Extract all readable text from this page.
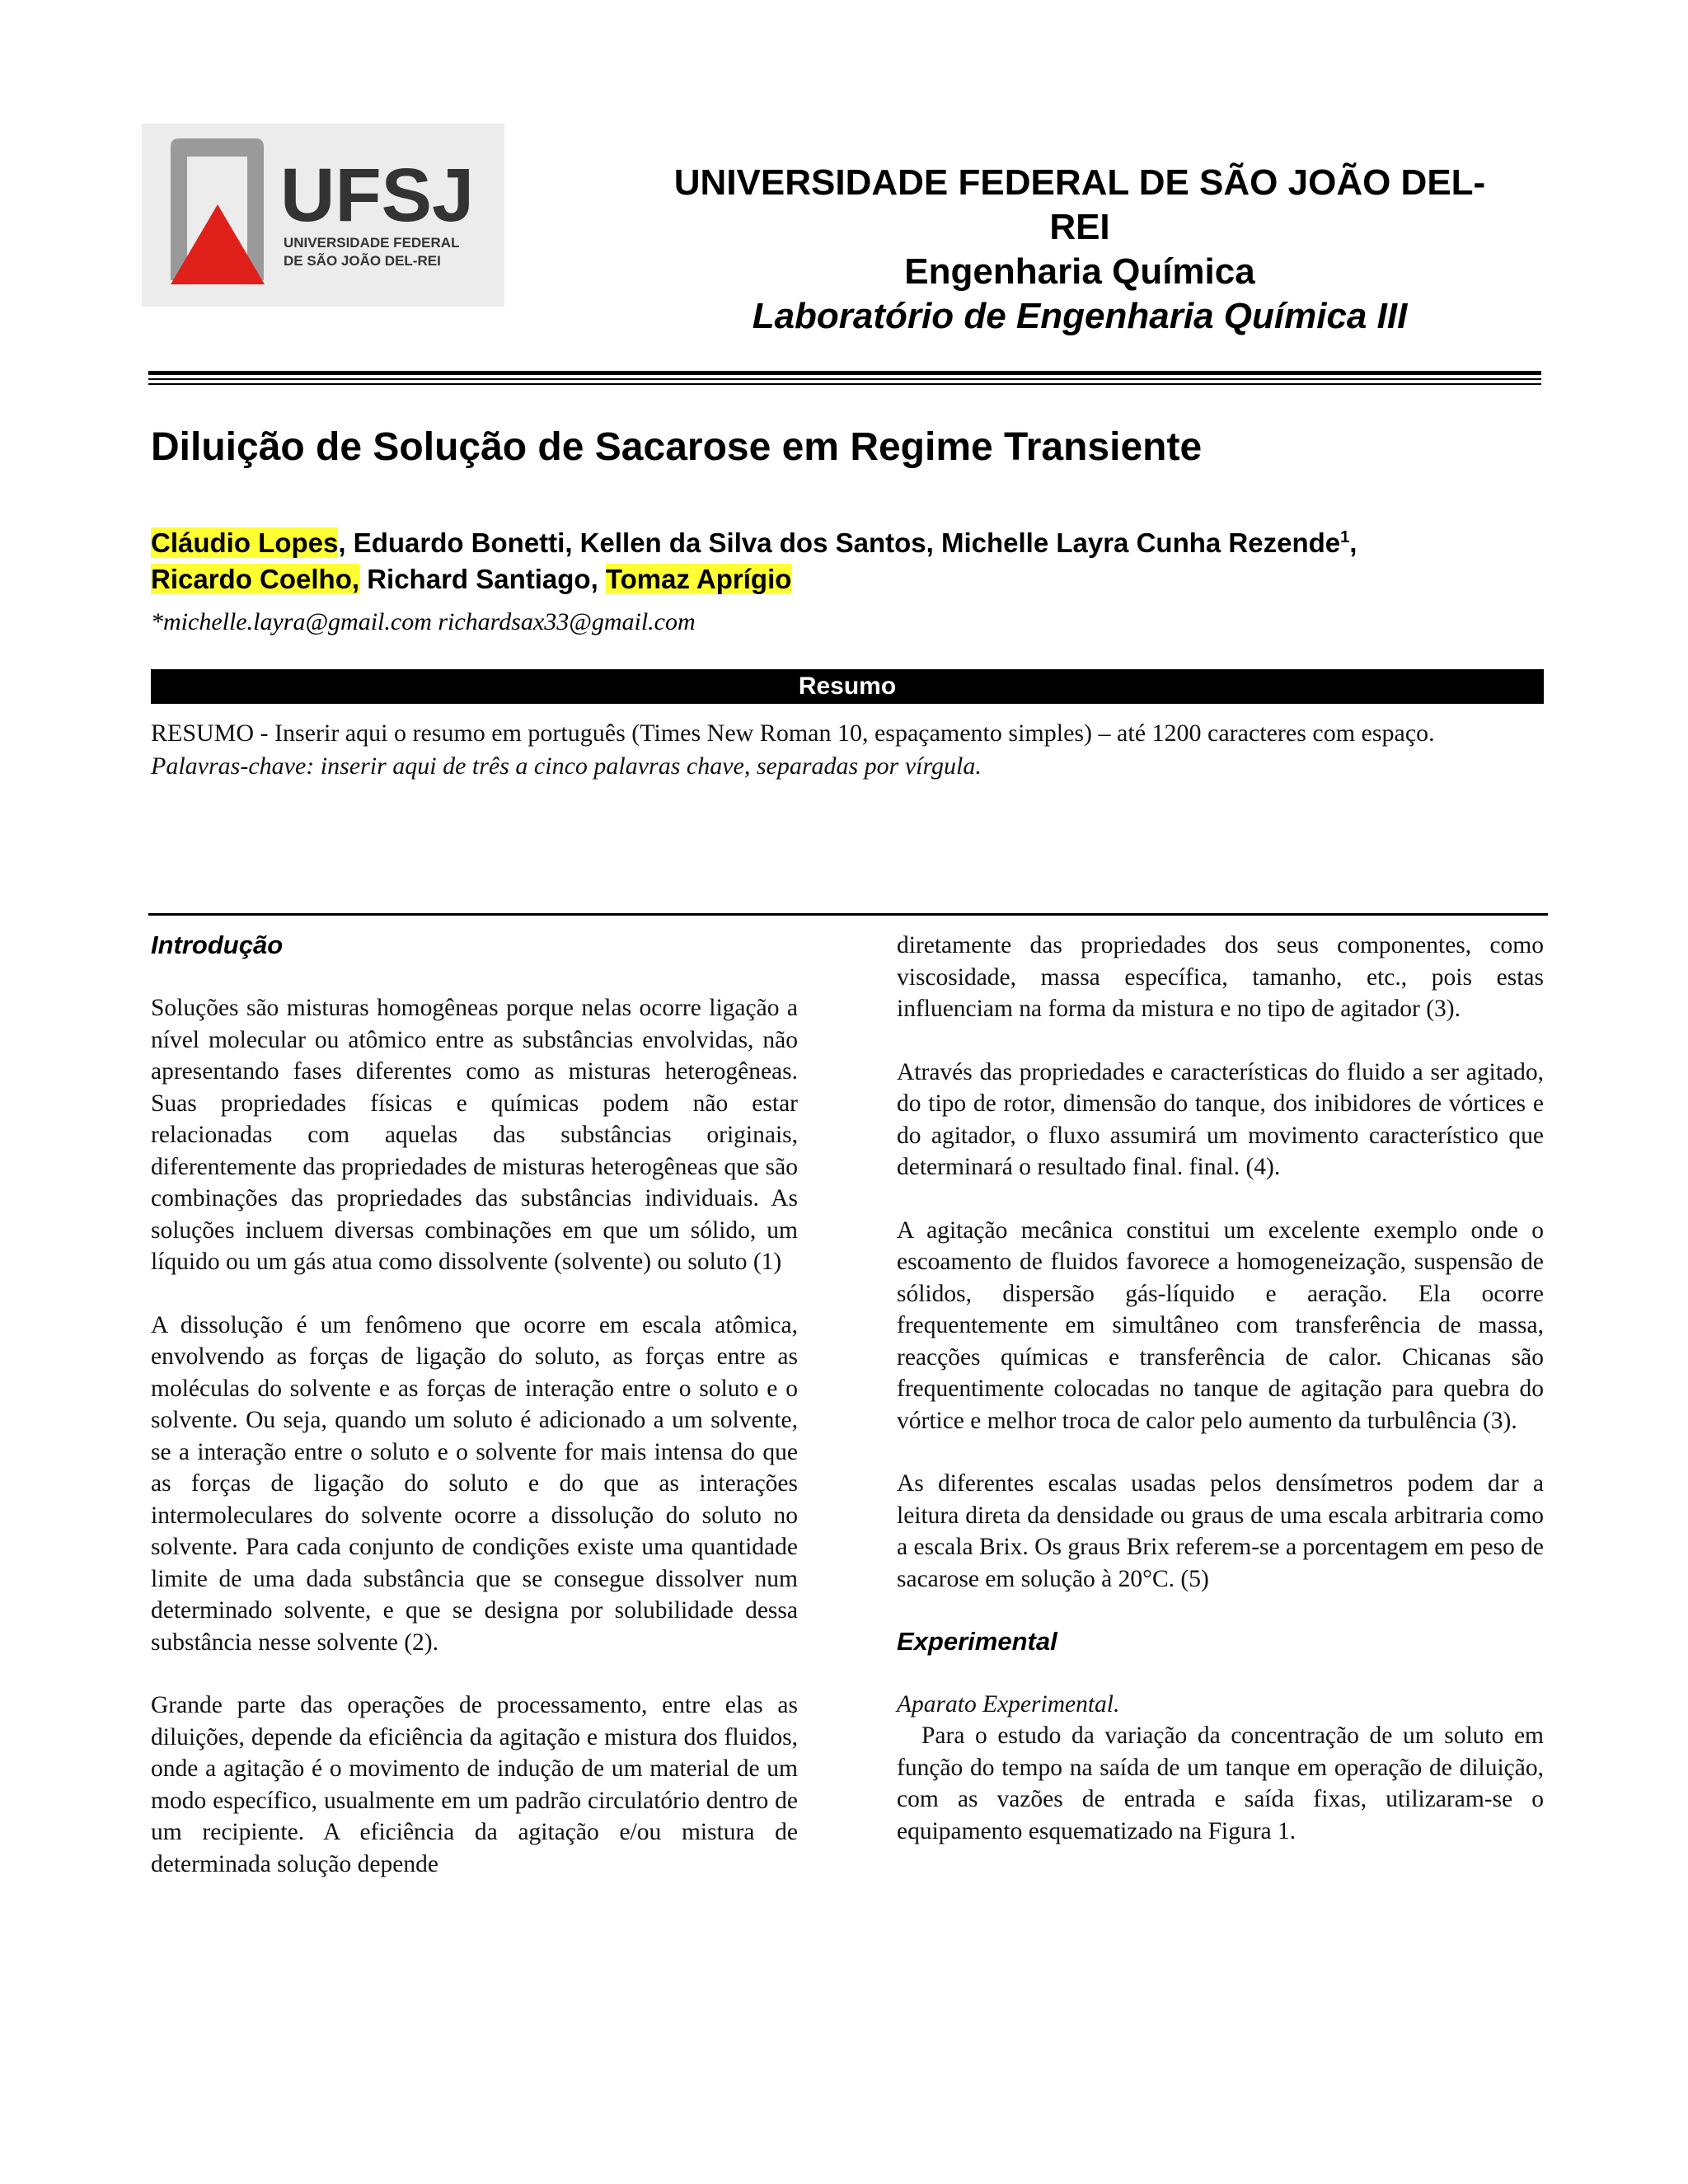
UFSJ
UNIVERSIDADE FEDERAL
DE SÃO JOÃO DEL-REI
UNIVERSIDADE FEDERAL DE SÃO JOÃO DEL-
REI
Engenharia Química
Laboratório de Engenharia Química III
Diluição de Solução de Sacarose em Regime Transiente
Cláudio Lopes, Eduardo Bonetti, Kellen da Silva dos Santos, Michelle Layra Cunha Rezende$^1$,
Ricardo Coelho, Richard Santiago, Tomaz Aprígio
*michelle.layra@gmail.com richardsax33@gmail.com
Resumo
RESUMO - Inserir aqui o resumo em português (Times New Roman 10, espaçamento simples) – até 1200 caracteres com espaço.
Palavras-chave: inserir aqui de três a cinco palavras chave, separadas por vírgula.
Introdução

Soluções são misturas homogêneas porque nelas ocorre ligação a nível molecular ou atômico entre as substâncias envolvidas, não apresentando fases diferentes como as misturas heterogêneas. Suas propriedades físicas e químicas podem não estar relacionadas com aquelas das substâncias originais, diferentemente das propriedades de misturas heterogêneas que são combinações das propriedades das substâncias individuais. As soluções incluem diversas combinações em que um sólido, um líquido ou um gás atua como dissolvente (solvente) ou soluto (1)

A dissolução é um fenômeno que ocorre em escala atômica, envolvendo as forças de ligação do soluto, as forças entre as moléculas do solvente e as forças de interação entre o soluto e o solvente. Ou seja, quando um soluto é adicionado a um solvente, se a interação entre o soluto e o solvente for mais intensa do que as forças de ligação do soluto e do que as interações intermoleculares do solvente ocorre a dissolução do soluto no solvente. Para cada conjunto de condições existe uma quantidade limite de uma dada substância que se consegue dissolver num determinado solvente, e que se designa por solubilidade dessa substância nesse solvente (2).

Grande parte das operações de processamento, entre elas as diluições, depende da eficiência da agitação e mistura dos fluidos, onde a agitação é o movimento de indução de um material de um modo específico, usualmente em um padrão circulatório dentro de um recipiente. A eficiência da agitação e/ou mistura de determinada solução depende

diretamente das propriedades dos seus componentes, como viscosidade, massa específica, tamanho, etc., pois estas influenciam na forma da mistura e no tipo de agitador (3).

Através das propriedades e características do fluido a ser agitado, do tipo de rotor, dimensão do tanque, dos inibidores de vórtices e do agitador, o fluxo assumirá um movimento característico que determinará o resultado final. final. (4).

A agitação mecânica constitui um excelente exemplo onde o escoamento de fluidos favorece a homogeneização, suspensão de sólidos, dispersão gás-líquido e aeração. Ela ocorre frequentemente em simultâneo com transferência de massa, reacções químicas e transferência de calor. Chicanas são frequentimente colocadas no tanque de agitação para quebra do vórtice e melhor troca de calor pelo aumento da turbulência (3).

As diferentes escalas usadas pelos densímetros podem dar a leitura direta da densidade ou graus de uma escala arbitraria como a escala Brix. Os graus Brix referem-se a porcentagem em peso de sacarose em solução à 20°C. (5)

Experimental
Aparato Experimental.

Para o estudo da variação da concentração de um soluto em função do tempo na saída de um tanque em operação de diluição, com as vazões de entrada e saída fixas, utilizaram-se o equipamento esquematizado na Figura 1.
